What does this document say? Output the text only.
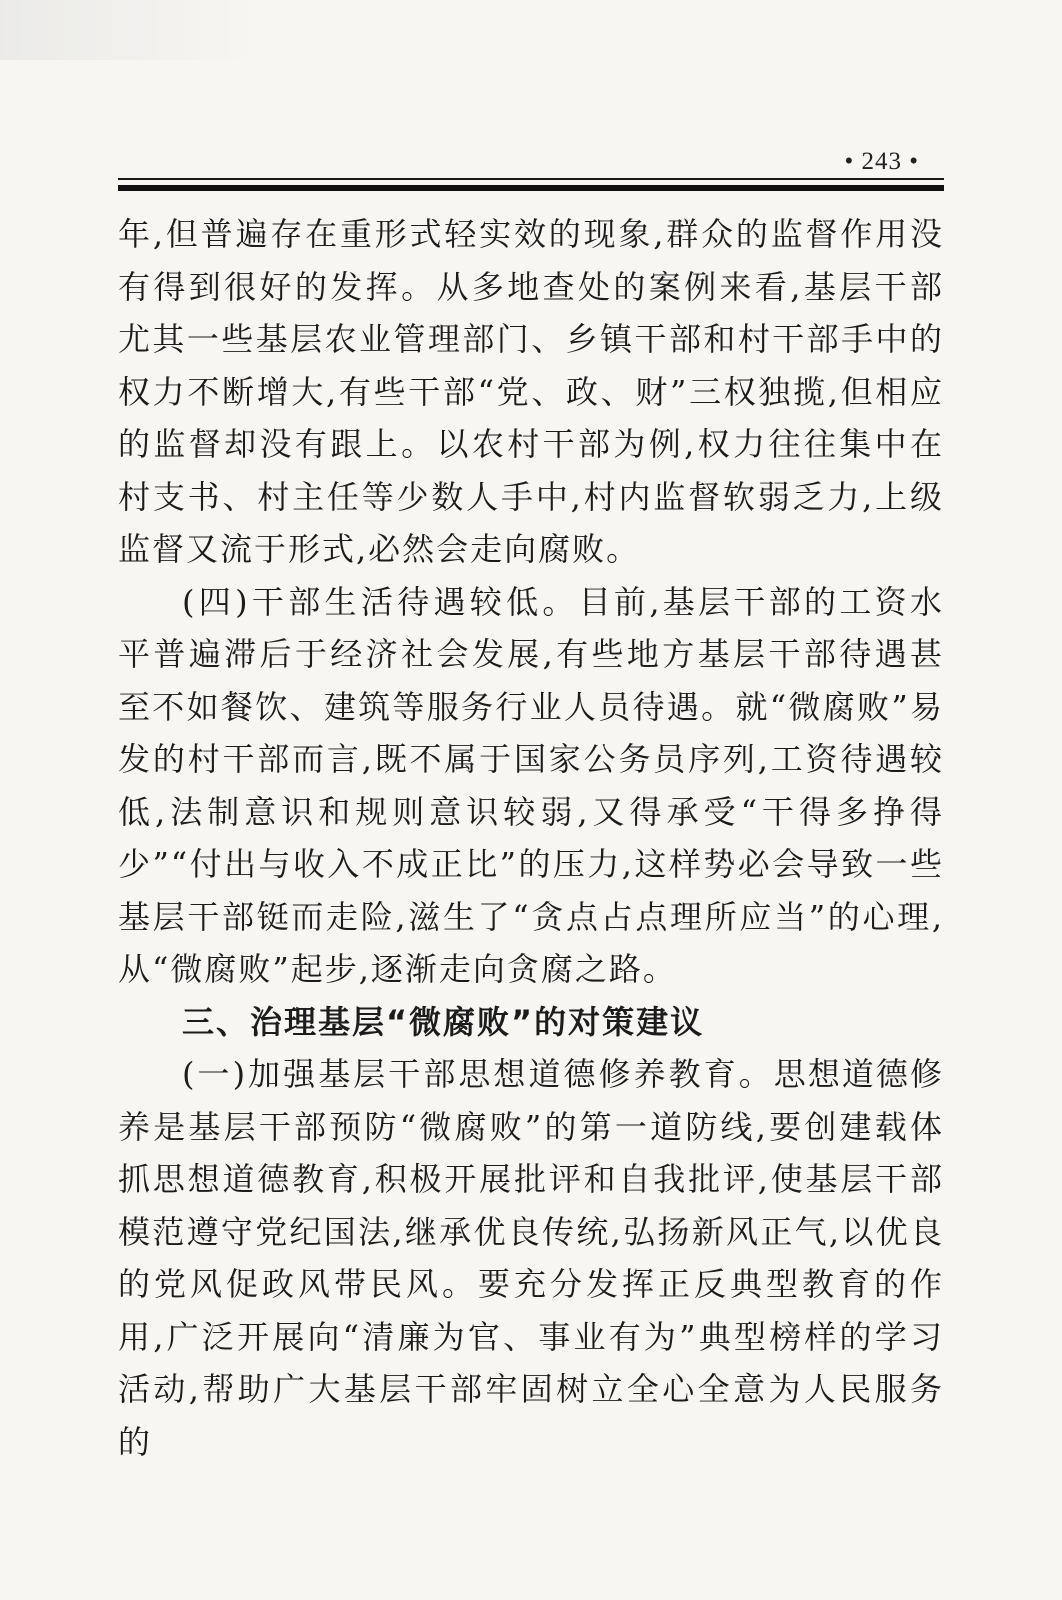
• 243 •

年,但普遍存在重形式轻实效的现象,群众的监督作用没有得到很好的发挥。从多地查处的案例来看,基层干部尤其一些基层农业管理部门、乡镇干部和村干部手中的权力不断增大,有些干部“党、政、财”三权独揽,但相应的监督却没有跟上。以农村干部为例,权力往往集中在村支书、村主任等少数人手中,村内监督软弱乏力,上级监督又流于形式,必然会走向腐败。

(四)干部生活待遇较低。目前,基层干部的工资水平普遍滞后于经济社会发展,有些地方基层干部待遇甚至不如餐饮、建筑等服务行业人员待遇。就“微腐败”易发的村干部而言,既不属于国家公务员序列,工资待遇较低,法制意识和规则意识较弱,又得承受“干得多挣得少”“付出与收入不成正比”的压力,这样势必会导致一些基层干部铤而走险,滋生了“贪点占点理所应当”的心理,从“微腐败”起步,逐渐走向贪腐之路。

三、治理基层“微腐败”的对策建议

(一)加强基层干部思想道德修养教育。思想道德修养是基层干部预防“微腐败”的第一道防线,要创建载体抓思想道德教育,积极开展批评和自我批评,使基层干部模范遵守党纪国法,继承优良传统,弘扬新风正气,以优良的党风促政风带民风。要充分发挥正反典型教育的作用,广泛开展向“清廉为官、事业有为”典型榜样的学习活动,帮助广大基层干部牢固树立全心全意为人民服务的
